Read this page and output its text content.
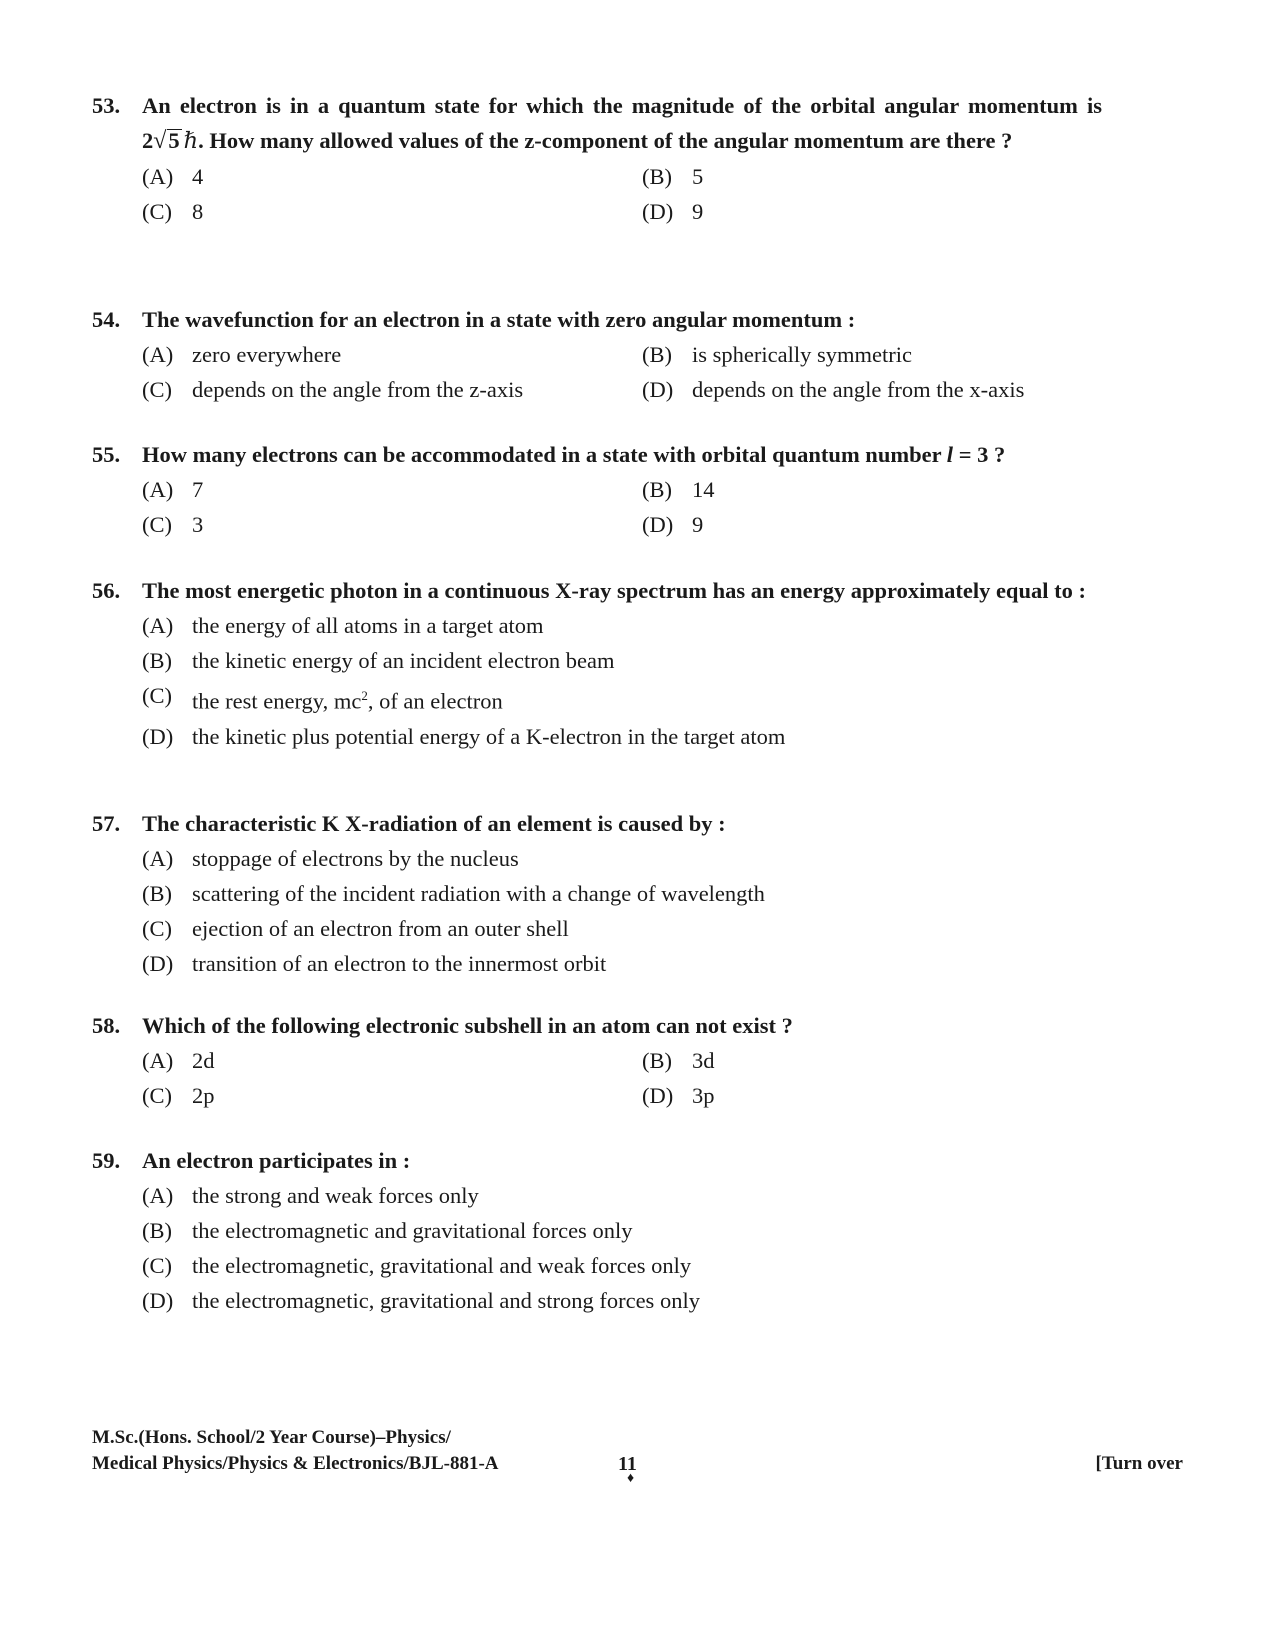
53. An electron is in a quantum state for which the magnitude of the orbital angular momentum is 2√5  ℏ. How many allowed values of the z-component of the angular momentum are there ?
(A) 4	(B) 5
(C) 8	(D) 9
54. The wavefunction for an electron in a state with zero angular momentum :
(A) zero everywhere	(B) is spherically symmetric
(C) depends on the angle from the z-axis	(D) depends on the angle from the x-axis
55. How many electrons can be accommodated in a state with orbital quantum number l = 3 ?
(A) 7	(B) 14
(C) 3	(D) 9
56. The most energetic photon in a continuous X-ray spectrum has an energy approximately equal to :
(A) the energy of all atoms in a target atom
(B) the kinetic energy of an incident electron beam
(C) the rest energy, $mc^2$, of an electron
(D) the kinetic plus potential energy of a K-electron in the target atom
57. The characteristic K X-radiation of an element is caused by :
(A) stoppage of electrons by the nucleus
(B) scattering of the incident radiation with a change of wavelength
(C) ejection of an electron from an outer shell
(D) transition of an electron to the innermost orbit
58. Which of the following electronic subshell in an atom can not exist ?
(A) 2d	(B) 3d
(C) 2p	(D) 3p
59. An electron participates in :
(A) the strong and weak forces only
(B) the electromagnetic and gravitational forces only
(C) the electromagnetic, gravitational and weak forces only
(D) the electromagnetic, gravitational and strong forces only
M.Sc.(Hons. School/2 Year Course)–Physics/
Medical Physics/Physics & Electronics/BJL-881-A	11
♦
[Turn over
